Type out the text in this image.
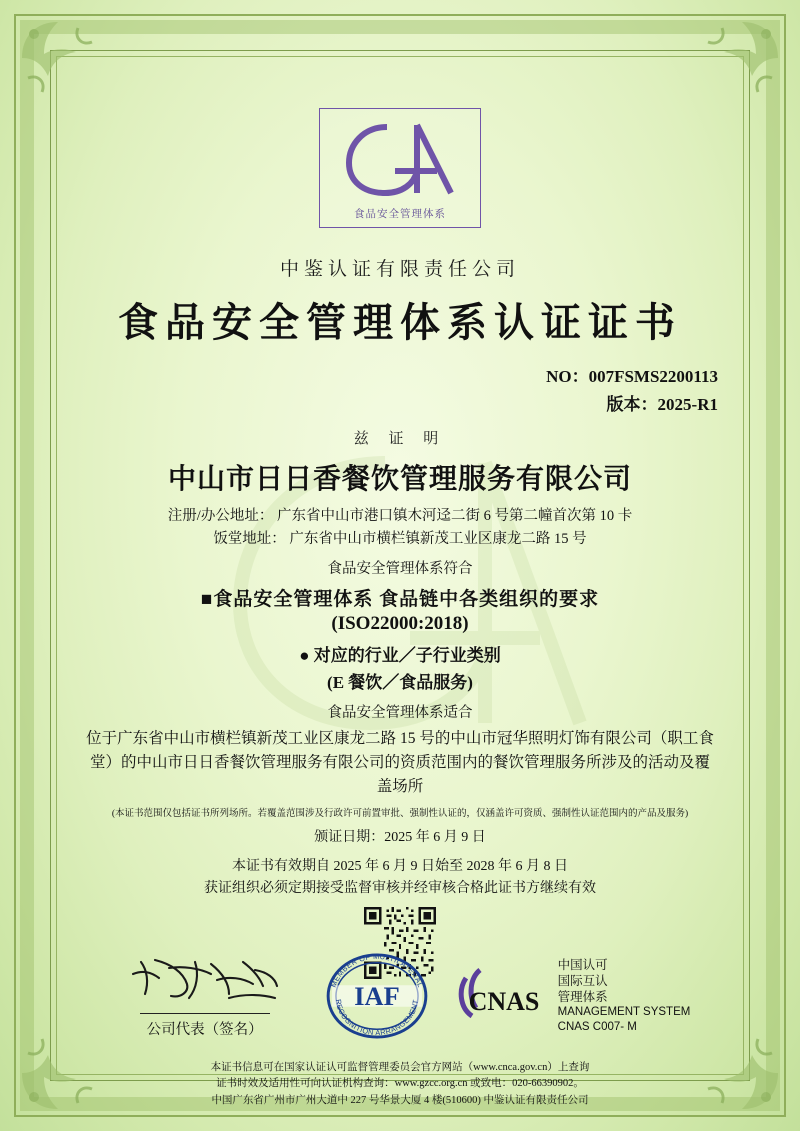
食品安全管理体系
中鉴认证有限责任公司
食品安全管理体系认证证书
NO：007FSMS2200113
版本：2025-R1
兹 证 明
中山市日日香餐饮管理服务有限公司
注册/办公地址： 广东省中山市港口镇木河迳二街 6 号第二幢首次第 10 卡
饭堂地址： 广东省中山市横栏镇新茂工业区康龙二路 15 号
食品安全管理体系符合
■食品安全管理体系 食品链中各类组织的要求
(ISO22000:2018)
● 对应的行业／子行业类别
(E 餐饮／食品服务)
食品安全管理体系适合
位于广东省中山市横栏镇新茂工业区康龙二路 15 号的中山市冠华照明灯饰有限公司（职工食堂）的中山市日日香餐饮管理服务有限公司的资质范围内的餐饮管理服务所涉及的活动及覆盖场所
(本证书范围仅包括证书所列场所。若覆盖范围涉及行政许可前置审批、强制性认证的，仅涵盖许可资质、强制性认证范围内的产品及服务)
颁证日期：2025 年 6 月 9 日
本证书有效期自 2025 年 6 月 9 日始至 2028 年 6 月 8 日
获证组织必须定期接受监督审核并经审核合格此证书方继续有效
公司代表（签名）
IAF
MEMBER OF MULTILATERAL
RECOGNITION ARRANGEMENT CNAS
中国认可
国际互认
管理体系
MANAGEMENT SYSTEM
CNAS C007- M
本证书信息可在国家认证认可监督管理委员会官方网站（www.cnca.gov.cn）上查询
证书时效及适用性可向认证机构查询：www.gzcc.org.cn 或致电：020-66390902。
中国广东省广州市广州大道中 227 号华景大厦 4 楼(510600) 中鉴认证有限责任公司
